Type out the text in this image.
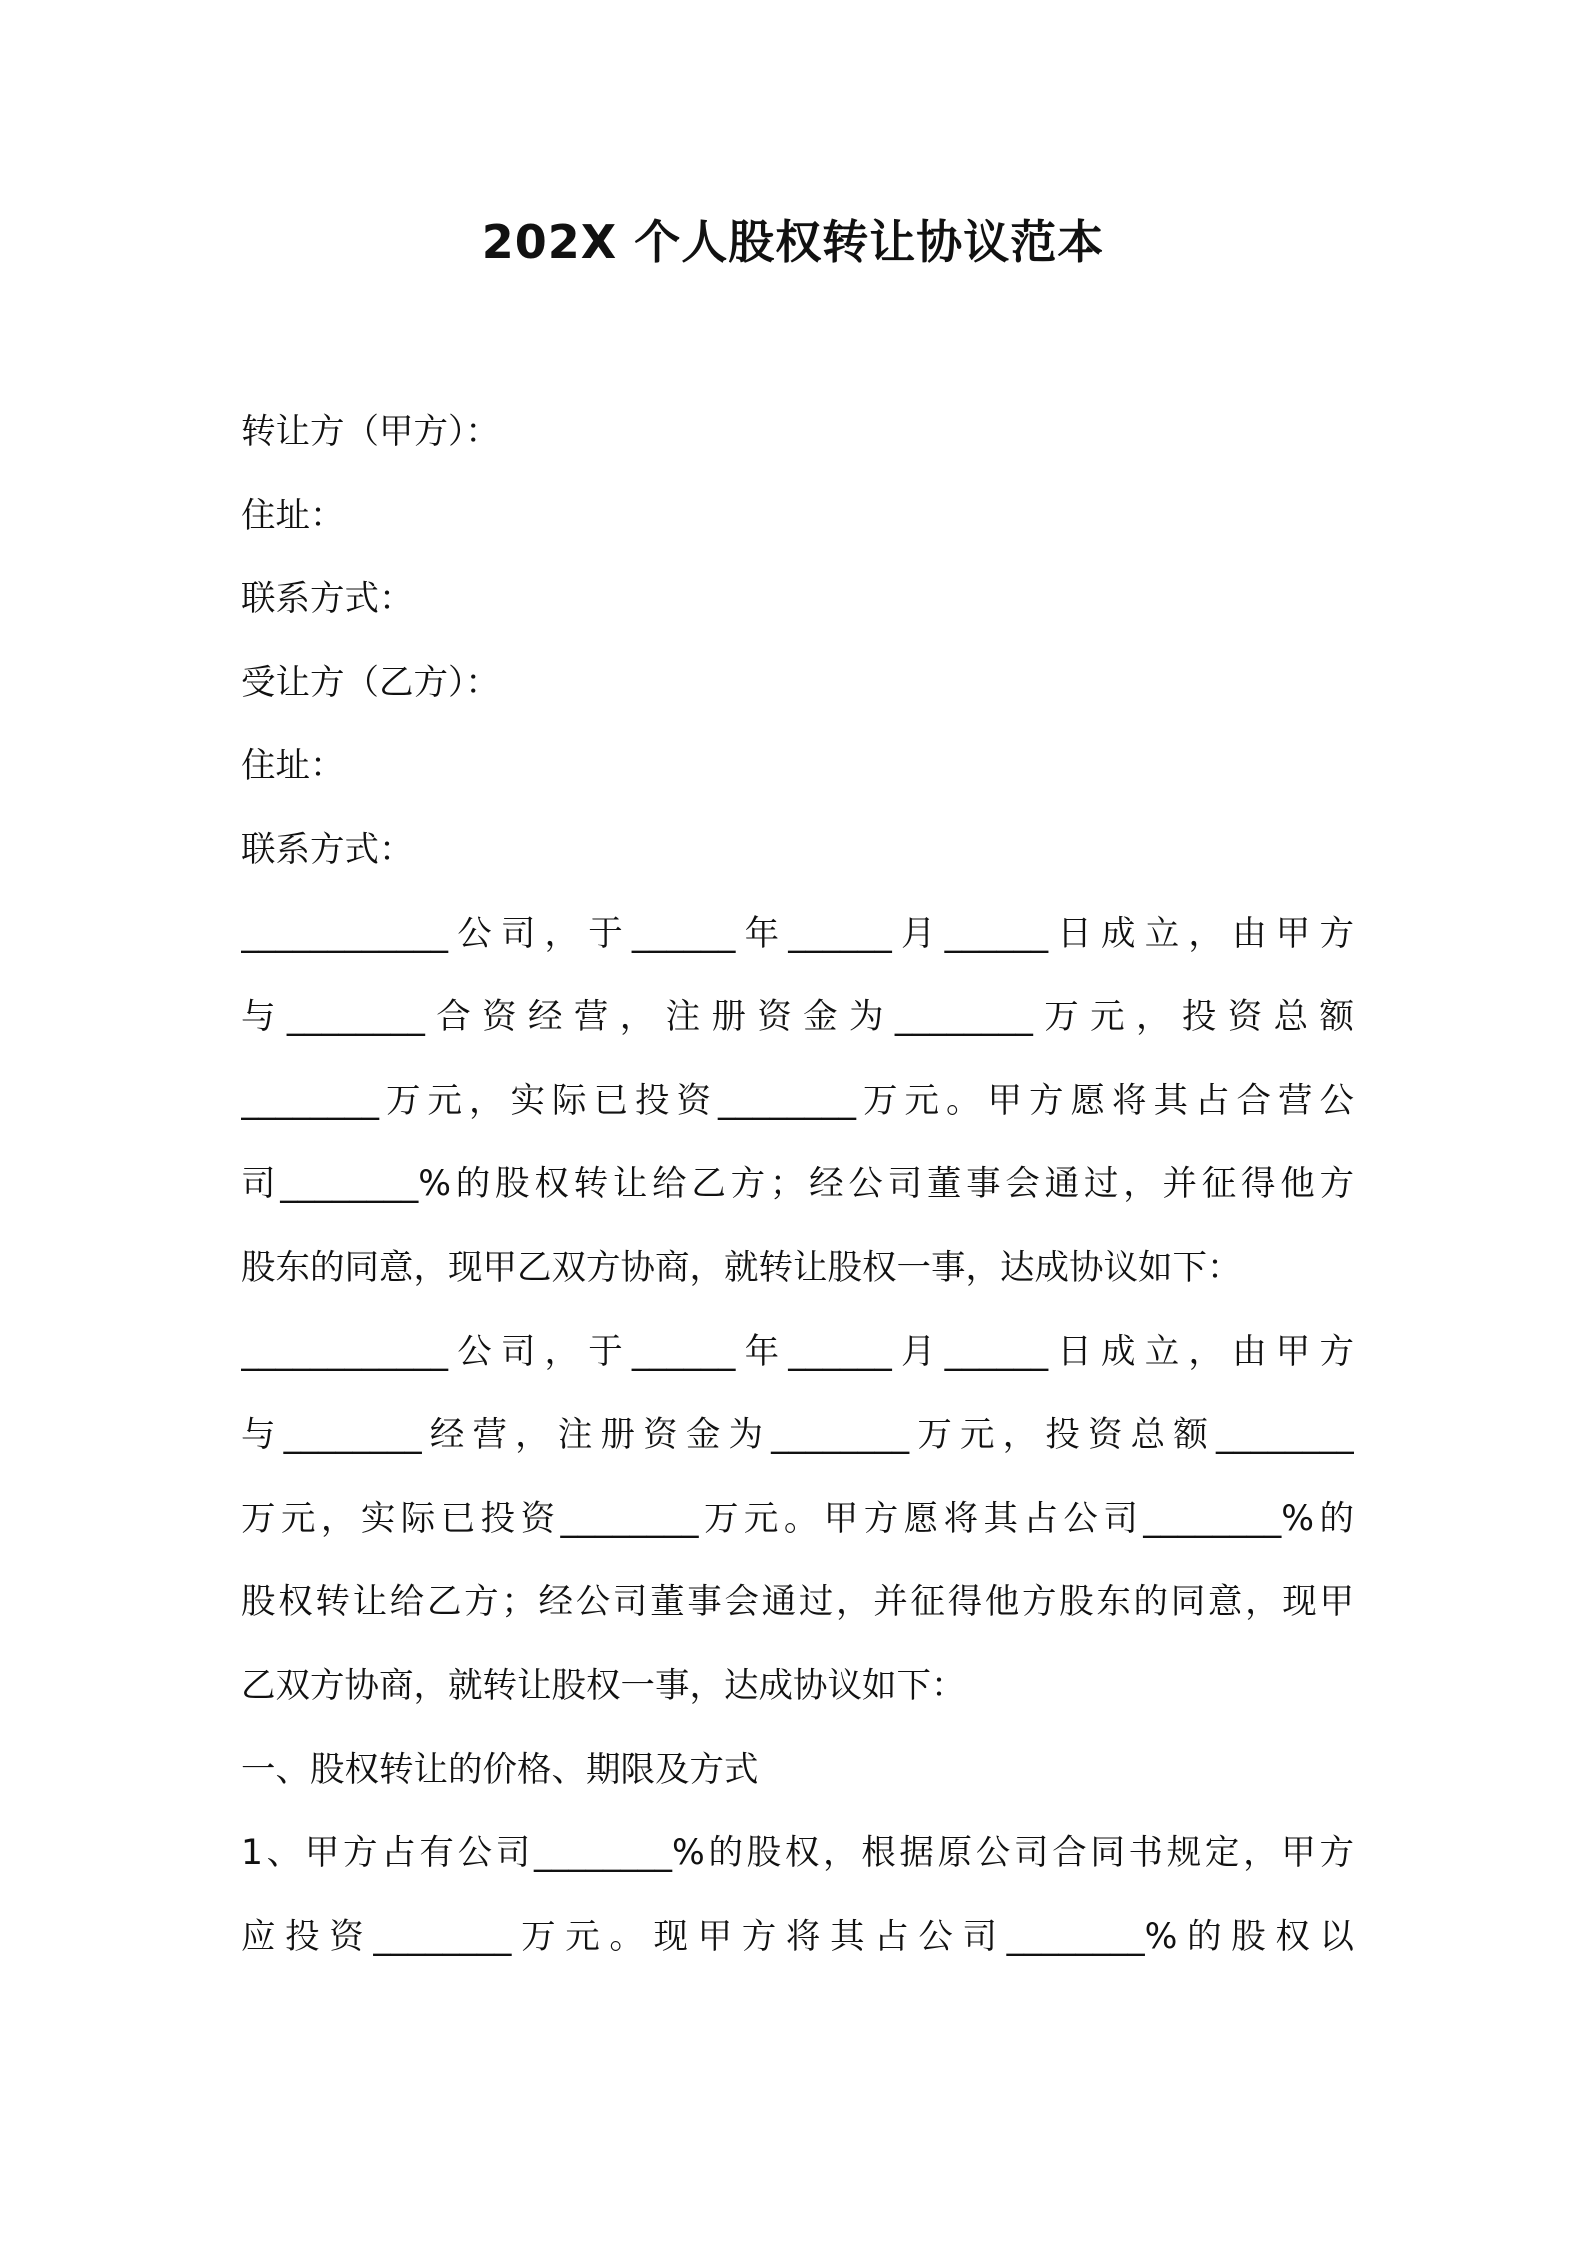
202X 个人股权转让协议范本
转让方（甲方）：
住址：
联系方式：
受让方（乙方）：
住址：
联系方式：
____________公司，于______年______月______日成立，由甲方
与________合资经营，注册资金为________万元，投资总额
________万元，实际已投资________万元。甲方愿将其占合营公
司________%的股权转让给乙方；经公司董事会通过，并征得他方
股东的同意，现甲乙双方协商，就转让股权一事，达成协议如下：
____________公司，于______年______月______日成立，由甲方
与________经营，注册资金为________万元，投资总额________
万元，实际已投资________万元。甲方愿将其占公司________%的
股权转让给乙方；经公司董事会通过，并征得他方股东的同意，现甲
乙双方协商，就转让股权一事，达成协议如下：
一、股权转让的价格、期限及方式
1、甲方占有公司________%的股权，根据原公司合同书规定，甲方
应投资________万元。现甲方将其占公司________%的股权以
